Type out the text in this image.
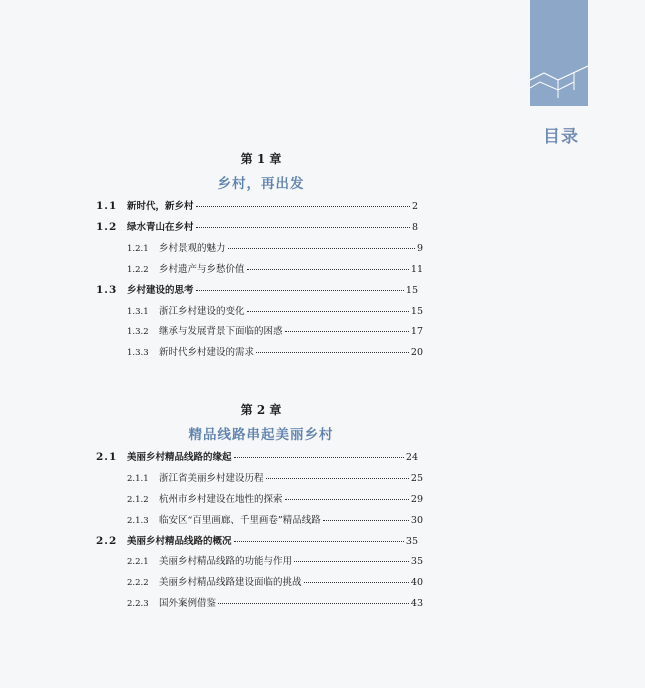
目录
第 1 章
乡村，再出发
1.1	新时代，新乡村	2
1.2	绿水青山在乡村	8
1.2.1	乡村景观的魅力	9
1.2.2	乡村遗产与乡愁价值	11
1.3	乡村建设的思考	15
1.3.1	浙江乡村建设的变化	15
1.3.2	继承与发展背景下面临的困惑	17
1.3.3	新时代乡村建设的需求	20
第 2 章
精品线路串起美丽乡村
2.1	美丽乡村精品线路的缘起	24
2.1.1	浙江省美丽乡村建设历程	25
2.1.2	杭州市乡村建设在地性的探索	29
2.1.3	临安区“百里画廊、千里画卷”精品线路	30
2.2	美丽乡村精品线路的概况	35
2.2.1	美丽乡村精品线路的功能与作用	35
2.2.2	美丽乡村精品线路建设面临的挑战	40
2.2.3	国外案例借鉴	43
